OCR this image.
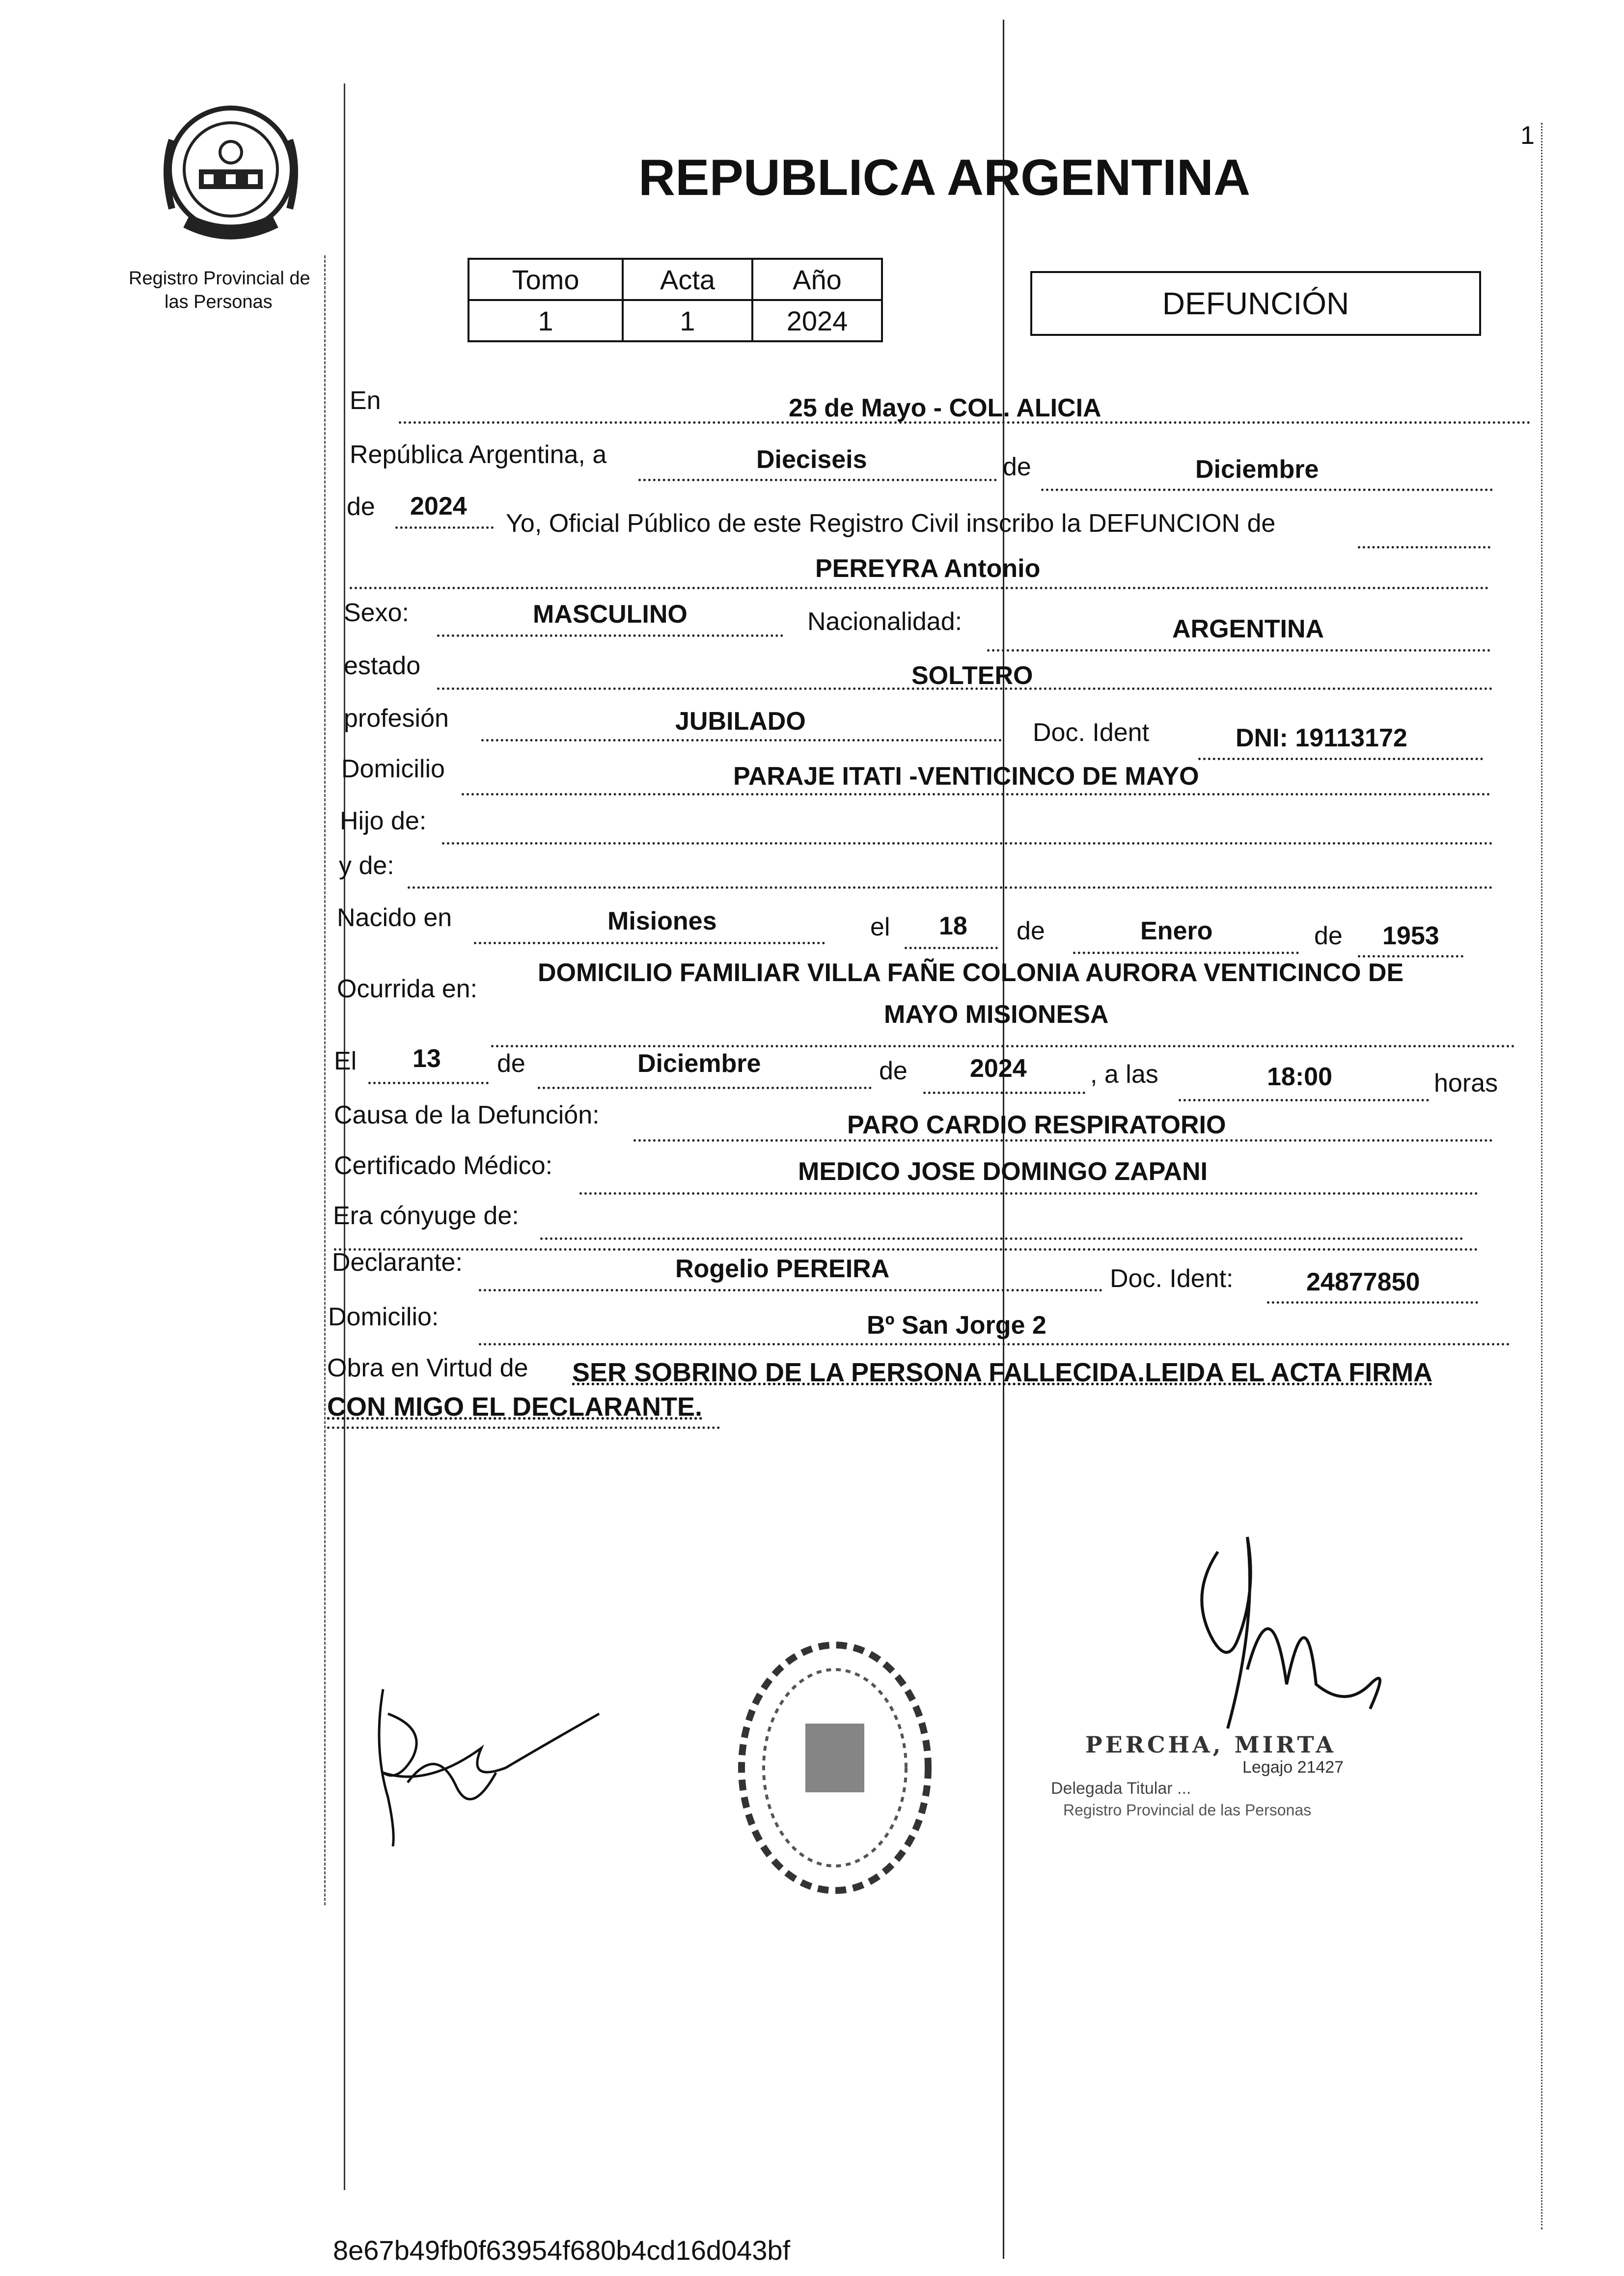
Registro Provincial de
las Personas
1
REPUBLICA ARGENTINA
Tomo	Acta	Año
1	1	2024	DEFUNCIÓN
En	25 de Mayo - COL. ALICIA
República Argentina, a	Dieciseis	de	Diciembre
de 2024
Yo, Oficial Público de este Registro Civil inscribo la DEFUNCION de
PEREYRA Antonio
Sexo:	MASCULINO	Nacionalidad:	ARGENTINA
estado	SOLTERO
profesión	JUBILADO	Doc. Ident	DNI: 19113172
Domicilio	PARAJE ITATI -VENTICINCO DE MAYO
Hijo de:
y de:
Nacido en	Misiones	el 18 de	Enero	de 1953
Ocurrida en:
DOMICILIO FAMILIAR VILLA FAÑE COLONIA AURORA VENTICINCO DE
MAYO MISIONESA
El 13 de	Diciembre	de 2024 , a las	18:00	horas
Causa de la Defunción:	PARO CARDIO RESPIRATORIO
Certificado Médico:	MEDICO JOSE DOMINGO ZAPANI
Era cónyuge de:
Declarante:	Rogelio PEREIRA	Doc. Ident:	24877850
Domicilio:	Bº San Jorge 2
Obra en Virtud de SER SOBRINO DE LA PERSONA FALLECIDA.LEIDA EL ACTA FIRMA
CON MIGO EL DECLARANTE.
PERCHA, MIRTA
Legajo 21427
Delegada Titular ...
Registro Provincial de las Personas
8e67b49fb0f63954f680b4cd16d043bf
